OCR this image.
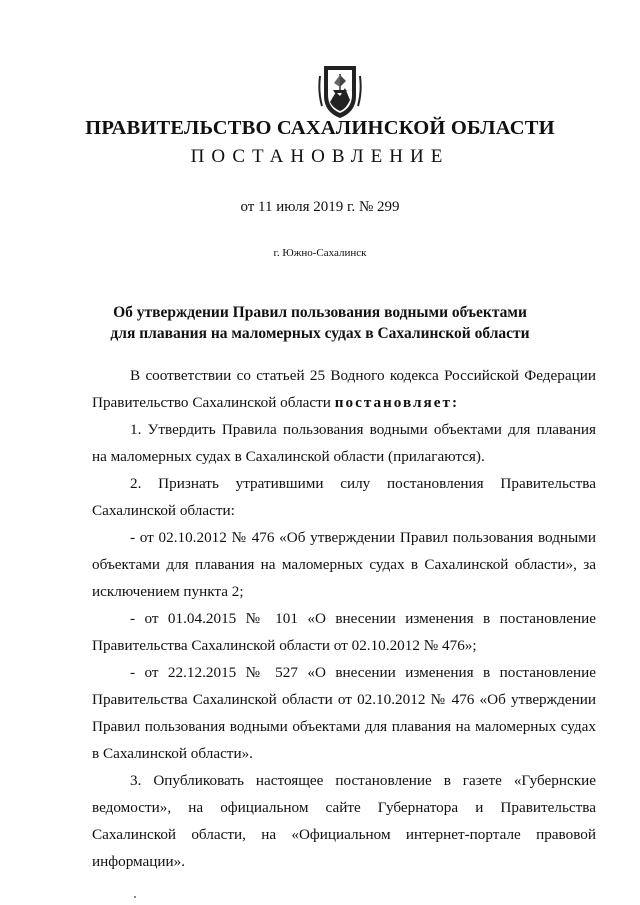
ПРАВИТЕЛЬСТВО САХАЛИНСКОЙ ОБЛАСТИ
ПОСТАНОВЛЕНИЕ
от 11 июля 2019 г. № 299
г. Южно-Сахалинск
Об утверждении Правил пользования водными объектами
для плавания на маломерных судах в Сахалинской области

В соответствии со статьей 25 Водного кодекса Российской Федерации Правительство Сахалинской области постановляет:

1. Утвердить Правила пользования водными объектами для плавания на маломерных судах в Сахалинской области (прилагаются).

2. Признать утратившими силу постановления Правительства Сахалинской области:

- от 02.10.2012 № 476 «Об утверждении Правил пользования водными объектами для плавания на маломерных судах в Сахалинской области», за исключением пункта 2;

- от 01.04.2015 № 101 «О внесении изменения в постановление Правительства Сахалинской области от 02.10.2012 № 476»;

- от 22.12.2015 № 527 «О внесении изменения в постановление Правительства Сахалинской области от 02.10.2012 № 476 «Об утверждении Правил пользования водными объектами для плавания на маломерных судах в Сахалинской области».

3. Опубликовать настоящее постановление в газете «Губернские ведомости», на официальном сайте Губернатора и Правительства Сахалинской области, на «Официальном интернет-портале правовой информации».
